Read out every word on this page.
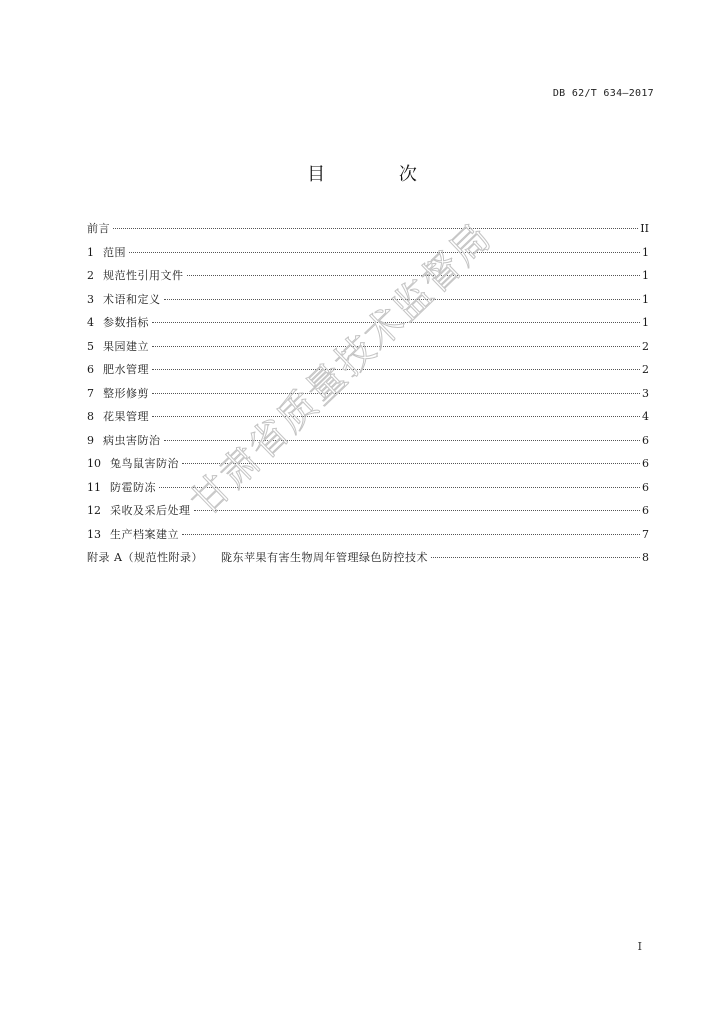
DB 62/T 634—2017
目 次
前言	II
1 范围	1
2 规范性引用文件	1
3 术语和定义	1
4 参数指标	1
5 果园建立	2
6 肥水管理	2
7 整形修剪	3
8 花果管理	4
9 病虫害防治	6
10 兔鸟鼠害防治	6
11 防雹防冻	6
12 采收及采后处理	6
13 生产档案建立	7
附录 A（规范性附录） 陇东苹果有害生物周年管理绿色防控技术	8
甘肃省质量技术监督局
I
